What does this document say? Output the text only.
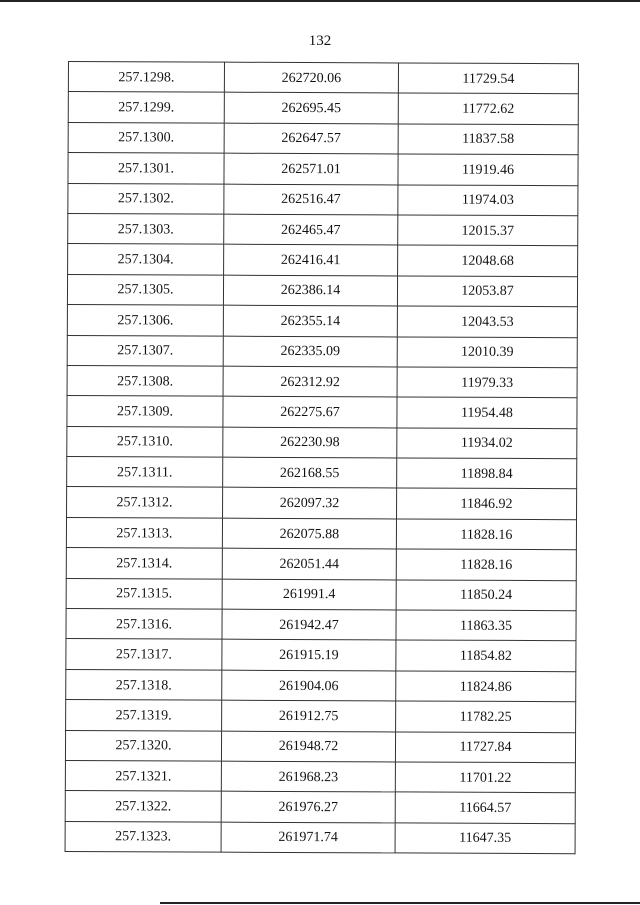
132
257.1298.	262720.06	11729.54
257.1299.	262695.45	11772.62
257.1300.	262647.57	11837.58
257.1301.	262571.01	11919.46
257.1302.	262516.47	11974.03
257.1303.	262465.47	12015.37
257.1304.	262416.41	12048.68
257.1305.	262386.14	12053.87
257.1306.	262355.14	12043.53
257.1307.	262335.09	12010.39
257.1308.	262312.92	11979.33
257.1309.	262275.67	11954.48
257.1310.	262230.98	11934.02
257.1311.	262168.55	11898.84
257.1312.	262097.32	11846.92
257.1313.	262075.88	11828.16
257.1314.	262051.44	11828.16
257.1315.	261991.4	11850.24
257.1316.	261942.47	11863.35
257.1317.	261915.19	11854.82
257.1318.	261904.06	11824.86
257.1319.	261912.75	11782.25
257.1320.	261948.72	11727.84
257.1321.	261968.23	11701.22
257.1322.	261976.27	11664.57
257.1323.	261971.74	11647.35
